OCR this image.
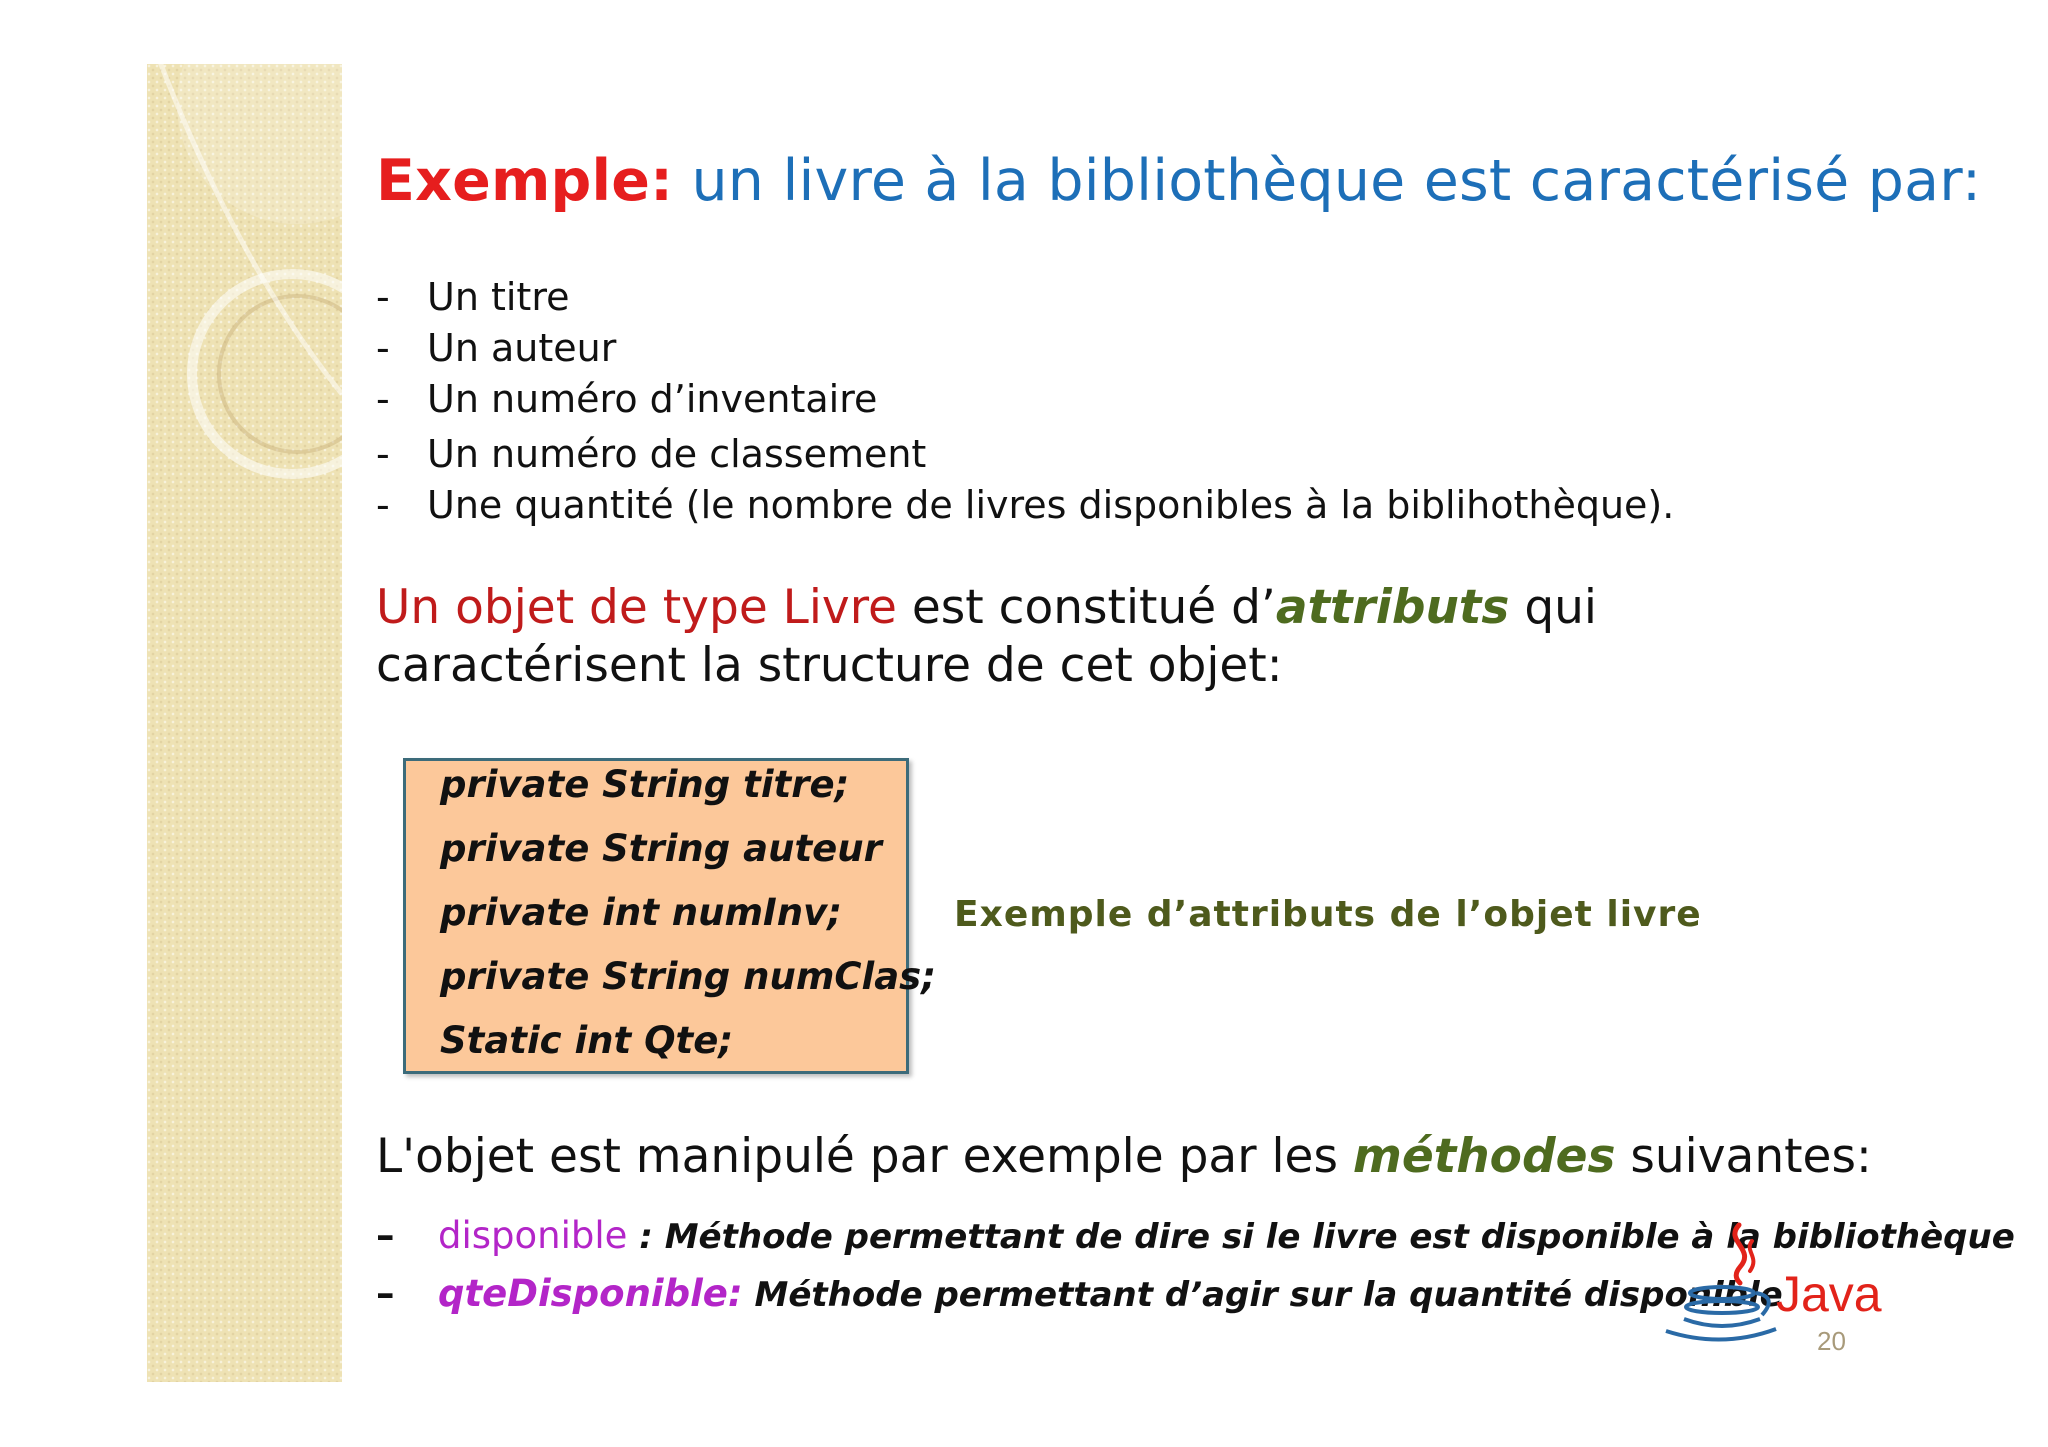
Exemple: un livre à la bibliothèque est caractérisé par:
- Un titre
- Un auteur
- Un numéro d’inventaire
- Un numéro de classement
- Une quantité (le nombre de livres disponibles à la biblihothèque).
Un objet de type Livre est constitué d’attributs qui caractérisent la structure de cet objet:
private String titre;
private String auteur
private int numInv;
private String numClas;
Static int Qte;
Exemple d’attributs de l’objet livre
L'objet est manipulé par exemple par les méthodes suivantes:
– disponible : Méthode permettant de dire si le livre est disponible à la bibliothèque
– qteDisponible: Méthode permettant d’agir sur la quantité disponible
Java
20
